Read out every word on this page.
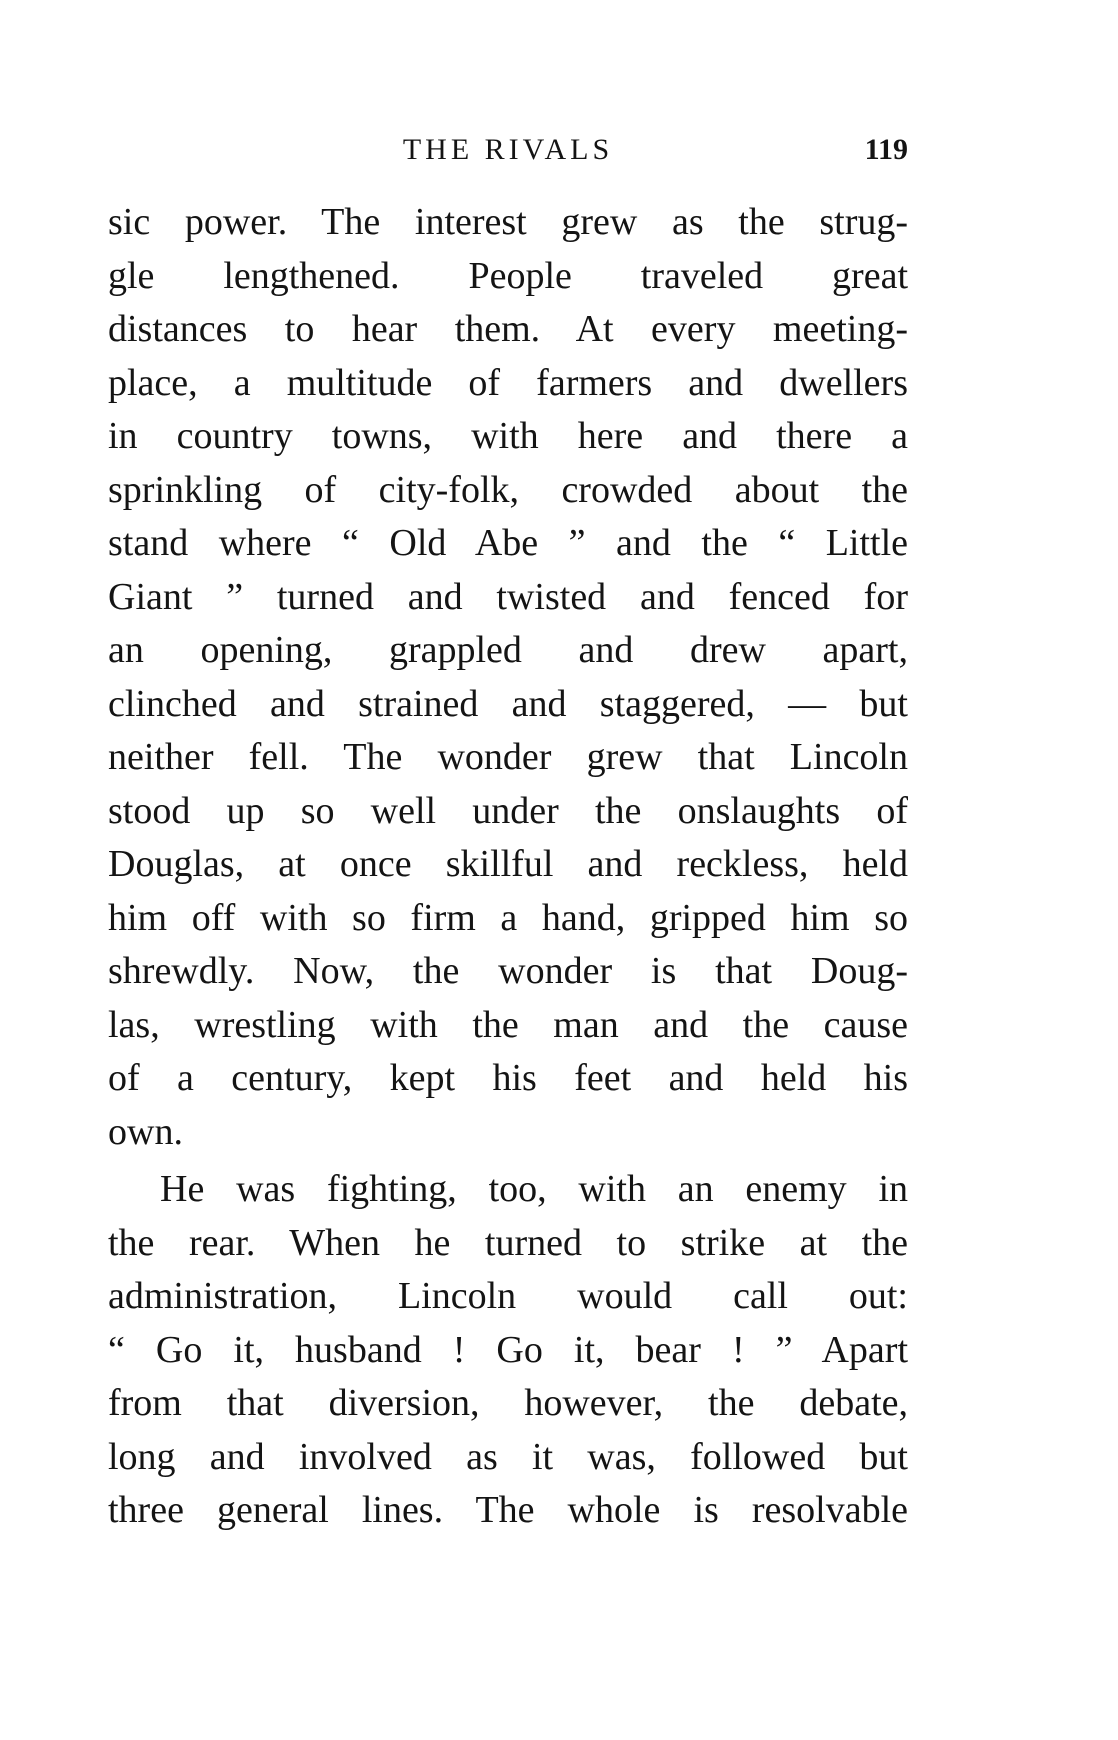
THE RIVALS	119
sic power. The interest grew as the strug-
gle lengthened. People traveled great
distances to hear them. At every meeting-
place, a multitude of farmers and dwellers
in country towns, with here and there a
sprinkling of city-folk, crowded about the
stand where “ Old Abe ” and the “ Little
Giant ” turned and twisted and fenced for
an opening, grappled and drew apart,
clinched and strained and staggered, — but
neither fell. The wonder grew that Lincoln
stood up so well under the onslaughts of
Douglas, at once skillful and reckless, held
him off with so firm a hand, gripped him so
shrewdly. Now, the wonder is that Doug-
las, wrestling with the man and the cause
of a century, kept his feet and held his
own.
He was fighting, too, with an enemy in
the rear. When he turned to strike at the
administration, Lincoln would call out:
“ Go it, husband ! Go it, bear ! ” Apart
from that diversion, however, the debate,
long and involved as it was, followed but
three general lines. The whole is resolvable
